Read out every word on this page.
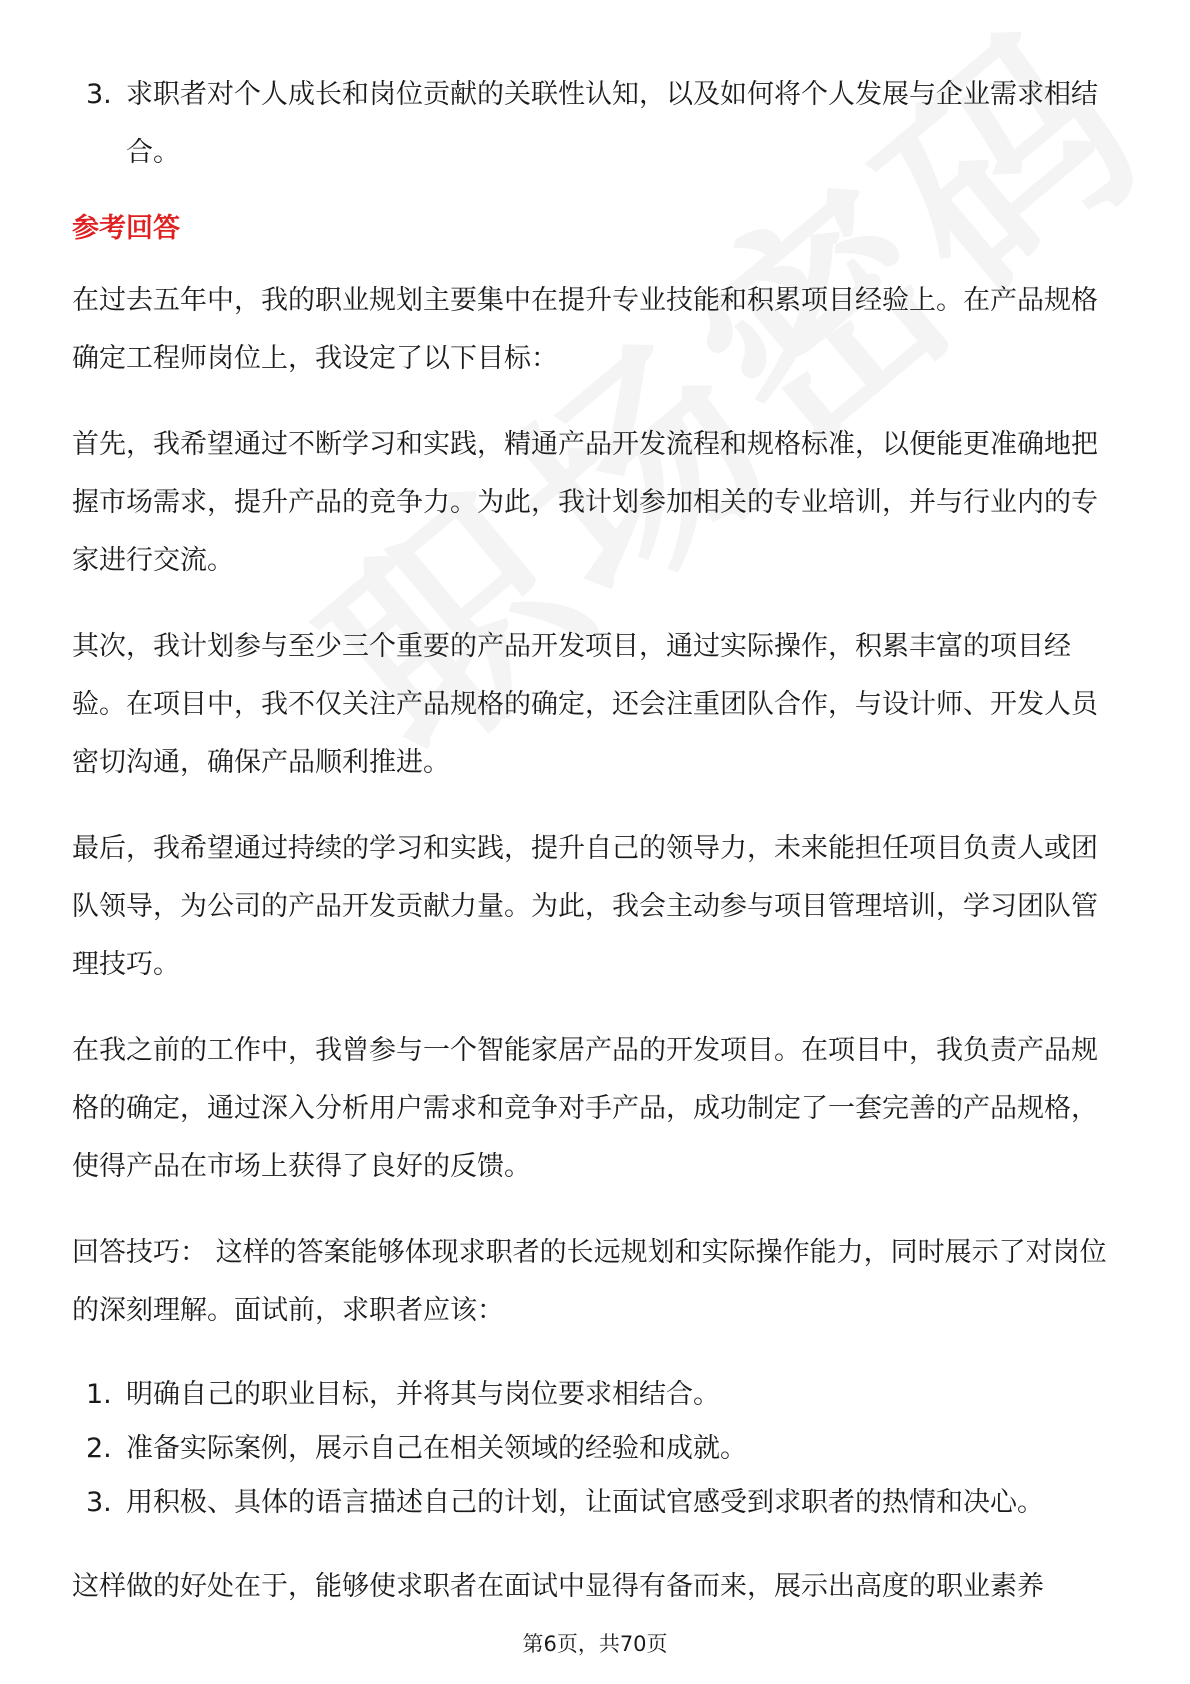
3. 求职者对个人成长和岗位贡献的关联性认知，以及如何将个人发展与企业需求相结合。
参考回答

在过去五年中，我的职业规划主要集中在提升专业技能和积累项目经验上。在产品规格确定工程师岗位上，我设定了以下目标：

首先，我希望通过不断学习和实践，精通产品开发流程和规格标准，以便能更准确地把握市场需求，提升产品的竞争力。为此，我计划参加相关的专业培训，并与行业内的专家进行交流。

其次，我计划参与至少三个重要的产品开发项目，通过实际操作，积累丰富的项目经验。在项目中，我不仅关注产品规格的确定，还会注重团队合作，与设计师、开发人员密切沟通，确保产品顺利推进。

最后，我希望通过持续的学习和实践，提升自己的领导力，未来能担任项目负责人或团队领导，为公司的产品开发贡献力量。为此，我会主动参与项目管理培训，学习团队管理技巧。

在我之前的工作中，我曾参与一个智能家居产品的开发项目。在项目中，我负责产品规格的确定，通过深入分析用户需求和竞争对手产品，成功制定了一套完善的产品规格，使得产品在市场上获得了良好的反馈。

回答技巧： 这样的答案能够体现求职者的长远规划和实际操作能力，同时展示了对岗位的深刻理解。面试前，求职者应该：

1. 明确自己的职业目标，并将其与岗位要求相结合。
2. 准备实际案例，展示自己在相关领域的经验和成就。
3. 用积极、具体的语言描述自己的计划，让面试官感受到求职者的热情和决心。

这样做的好处在于，能够使求职者在面试中显得有备而来，展示出高度的职业素养

第6页，共70页
